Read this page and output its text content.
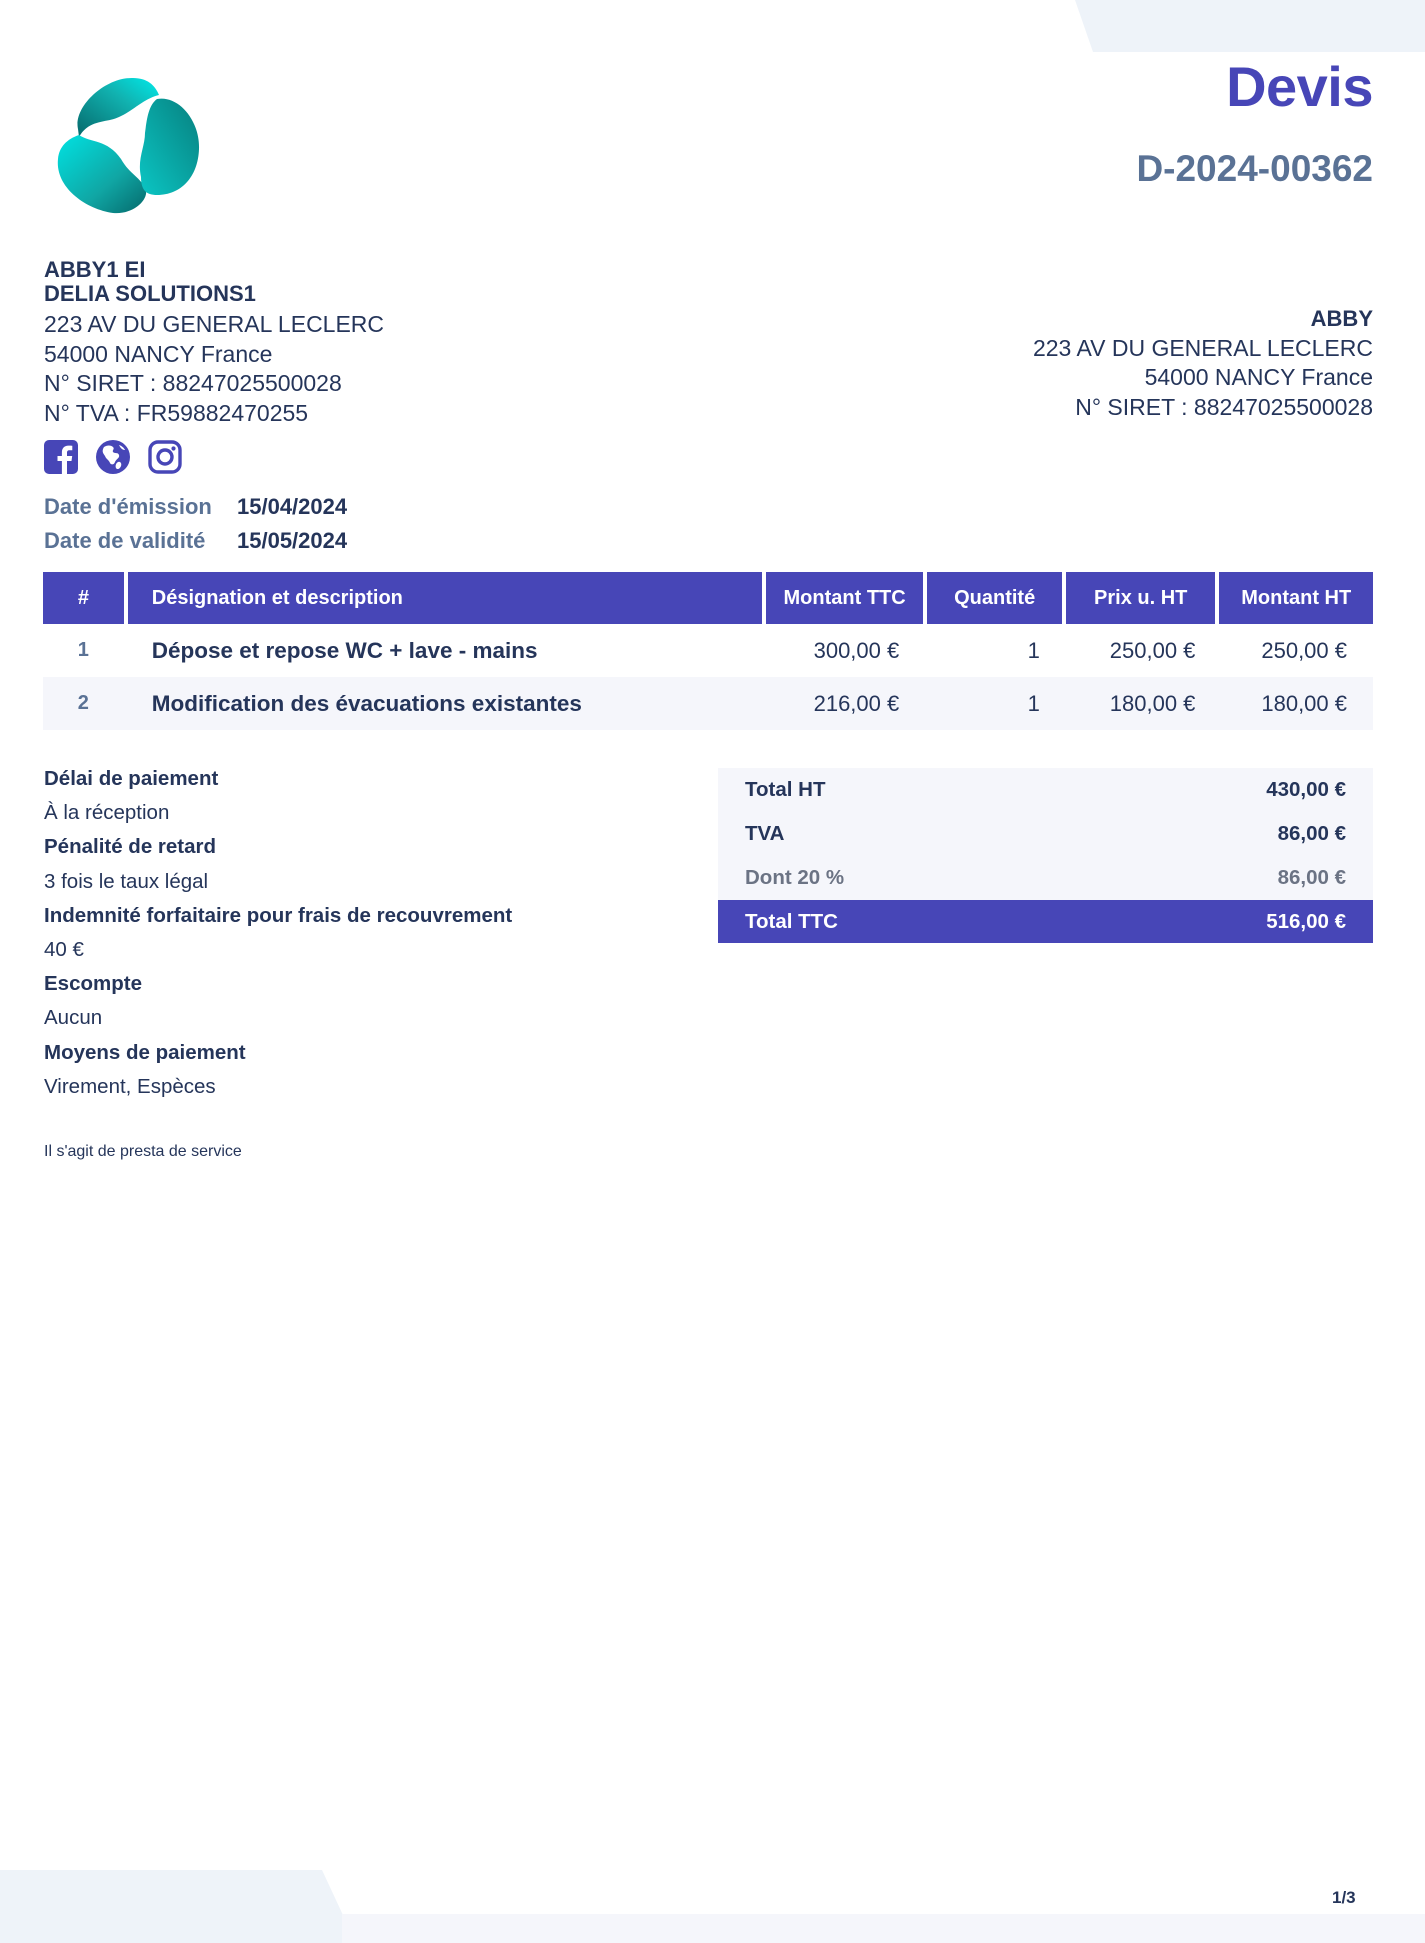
Devis
D-2024-00362
ABBY1 EI
DELIA SOLUTIONS1
223 AV DU GENERAL LECLERC
54000 NANCY France
N° SIRET : 88247025500028
N° TVA : FR59882470255
ABBY
223 AV DU GENERAL LECLERC
54000 NANCY France
N° SIRET : 88247025500028
Date d'émission	15/04/2024
Date de validité	15/05/2024
#	Désignation et description	Montant TTC	Quantité	Prix u. HT	Montant HT
1	Dépose et repose WC + lave - mains	300,00 €	1	250,00 €	250,00 €
2	Modification des évacuations existantes	216,00 €	1	180,00 €	180,00 €
Délai de paiement
À la réception
Pénalité de retard
3 fois le taux légal
Indemnité forfaitaire pour frais de recouvrement
40 €
Escompte
Aucun
Moyens de paiement
Virement, Espèces
Il s'agit de presta de service
Total HT	430,00 €
TVA	86,00 €
Dont 20 %	86,00 €
Total TTC	516,00 €
1/3
